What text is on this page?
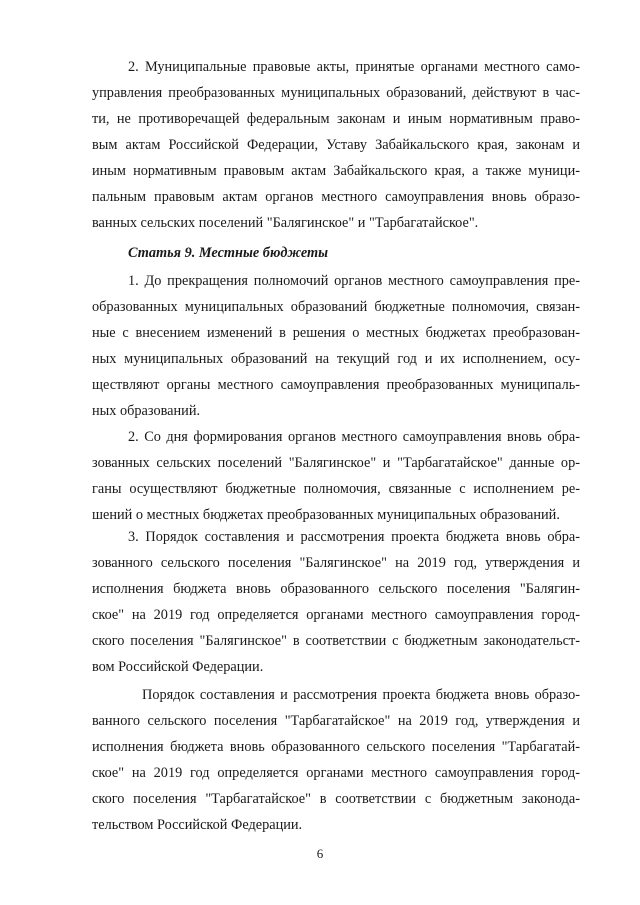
2. Муниципальные правовые акты, принятые органами местного само-
управления преобразованных муниципальных образований, действуют в час-
ти, не противоречащей федеральным законам и иным нормативным право-
вым актам Российской Федерации, Уставу Забайкальского края, законам и
иным нормативным правовым актам Забайкальского края, а также муници-
пальным правовым актам органов местного самоуправления вновь образо-
ванных сельских поселений "Балягинское" и "Тарбагатайское".
Статья 9. Местные бюджеты
1. До прекращения полномочий органов местного самоуправления пре-
образованных муниципальных образований бюджетные полномочия, связан-
ные с внесением изменений в решения о местных бюджетах преобразован-
ных муниципальных образований на текущий год и их исполнением, осу-
ществляют органы местного самоуправления преобразованных муниципаль-
ных образований.
2. Со дня формирования органов местного самоуправления вновь обра-
зованных сельских поселений "Балягинское" и "Тарбагатайское" данные ор-
ганы осуществляют бюджетные полномочия, связанные с исполнением ре-
шений о местных бюджетах преобразованных муниципальных образований.
3. Порядок составления и рассмотрения проекта бюджета вновь обра-
зованного сельского поселения "Балягинское" на 2019 год, утверждения и
исполнения бюджета вновь образованного сельского поселения "Балягин-
ское" на 2019 год определяется органами местного самоуправления город-
ского поселения "Балягинское" в соответствии с бюджетным законодательст-
вом Российской Федерации.
Порядок составления и рассмотрения проекта бюджета вновь образо-
ванного сельского поселения "Тарбагатайское" на 2019 год, утверждения и
исполнения бюджета вновь образованного сельского поселения "Тарбагатай-
ское" на 2019 год определяется органами местного самоуправления город-
ского поселения "Тарбагатайское" в соответствии с бюджетным законода-
тельством Российской Федерации.
6
